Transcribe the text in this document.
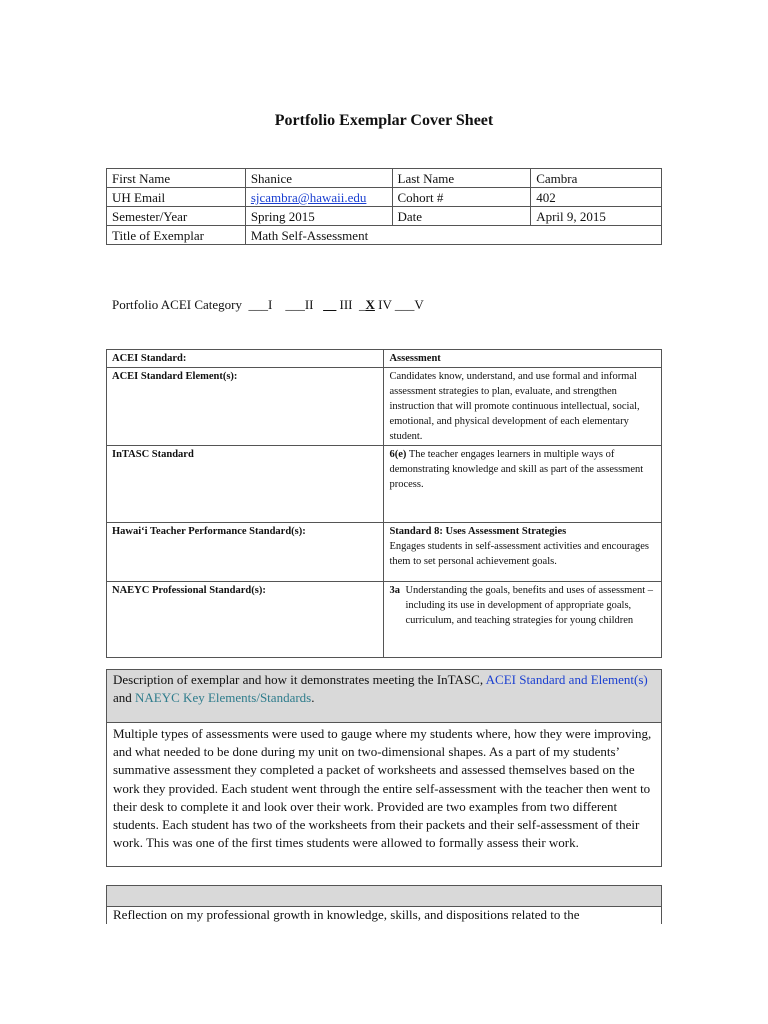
Portfolio Exemplar Cover Sheet
First Name	Shanice	Last Name	Cambra
UH Email	sjcambra@hawaii.edu	Cohort #	402
Semester/Year	Spring 2015	Date	April 9, 2015
Title of Exemplar	Math Self-Assessment		
Portfolio ACEI Category ___I ___II __ III  _X IV ___V
ACEI Standard:	Assessment
ACEI Standard Element(s):	Candidates know, understand, and use formal and informal assessment strategies to plan, evaluate, and strengthen instruction that will promote continuous intellectual, social, emotional, and physical development of each elementary student.
InTASC Standard	6(e) The teacher engages learners in multiple ways of demonstrating knowledge and skill as part of the assessment process.
Hawai‘i Teacher Performance Standard(s):	Standard 8: Uses Assessment Strategies
Engages students in self-assessment activities and encourages them to set personal achievement goals.

NAEYC Professional Standard(s):	3a Understanding the goals, benefits and uses of assessment – including its use in development of appropriate goals, curriculum, and teaching strategies for young children
Description of exemplar and how it demonstrates meeting the InTASC, ACEI Standard and Element(s) and NAEYC Key Elements/Standards.
Multiple types of assessments were used to gauge where my students where, how they were improving, and what needed to be done during my unit on two-dimensional shapes. As a part of my students’ summative assessment they completed a packet of worksheets and assessed themselves based on the work they provided. Each student went through the entire self-assessment with the teacher then went to their desk to complete it and look over their work. Provided are two examples from two different students. Each student has two of the worksheets from their packets and their self-assessment of their work. This was one of the first times students were allowed to formally assess their work.
Reflection on my professional growth in knowledge, skills, and dispositions related to the
